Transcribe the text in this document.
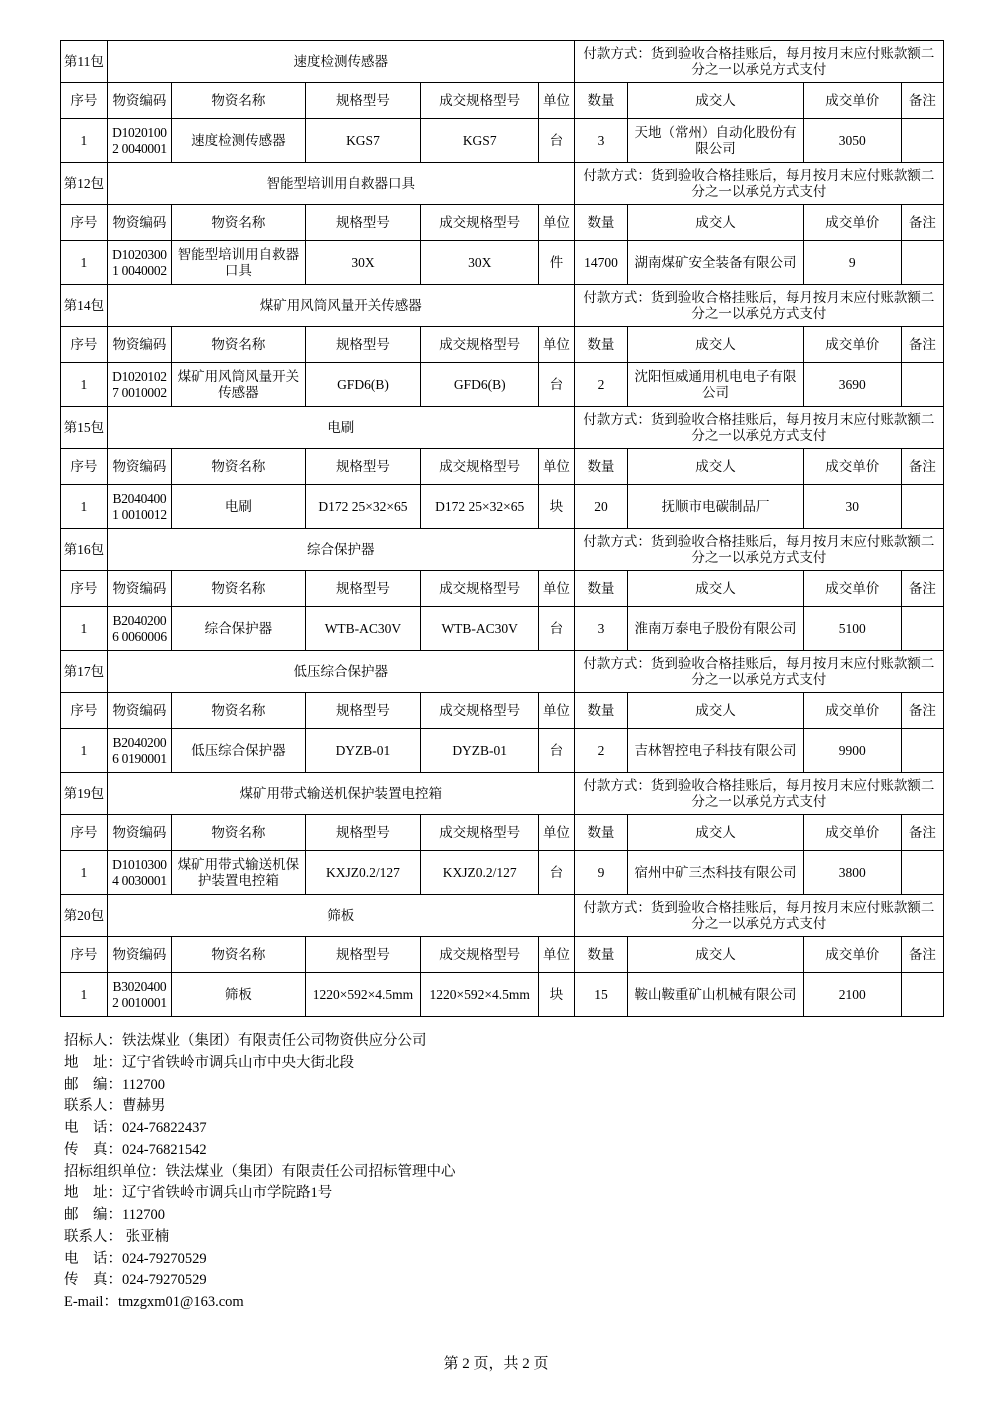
第11包	速度检测传感器					付款方式：货到验收合格挂账后，每月按月末应付账款额二分之一以承兑方式支付			
序号	物资编码	物资名称	规格型号	成交规格型号	单位	数量	成交人	成交单价	备注
1	D10201002 0040001	速度检测传感器	KGS7	KGS7	台	3	天地（常州）自动化股份有限公司	3050	
第12包	智能型培训用自救器口具					付款方式：货到验收合格挂账后，每月按月末应付账款额二分之一以承兑方式支付			
序号	物资编码	物资名称	规格型号	成交规格型号	单位	数量	成交人	成交单价	备注
1	D10203001 0040002	智能型培训用自救器口具	30X	30X	件	14700	湖南煤矿安全装备有限公司	9	
第14包	煤矿用风筒风量开关传感器					付款方式：货到验收合格挂账后，每月按月末应付账款额二分之一以承兑方式支付			
序号	物资编码	物资名称	规格型号	成交规格型号	单位	数量	成交人	成交单价	备注
1	D10201027 0010002	煤矿用风筒风量开关传感器	GFD6(B)	GFD6(B)	台	2	沈阳恒威通用机电电子有限公司	3690	
第15包	电刷					付款方式：货到验收合格挂账后，每月按月末应付账款额二分之一以承兑方式支付			
序号	物资编码	物资名称	规格型号	成交规格型号	单位	数量	成交人	成交单价	备注
1	B20404001 0010012	电刷	D172 25×32×65	D172 25×32×65	块	20	抚顺市电碳制品厂	30	
第16包	综合保护器					付款方式：货到验收合格挂账后，每月按月末应付账款额二分之一以承兑方式支付			
序号	物资编码	物资名称	规格型号	成交规格型号	单位	数量	成交人	成交单价	备注
1	B20402006 0060006	综合保护器	WTB-AC30V	WTB-AC30V	台	3	淮南万泰电子股份有限公司	5100	
第17包	低压综合保护器					付款方式：货到验收合格挂账后，每月按月末应付账款额二分之一以承兑方式支付			
序号	物资编码	物资名称	规格型号	成交规格型号	单位	数量	成交人	成交单价	备注
1	B20402006 0190001	低压综合保护器	DYZB-01	DYZB-01	台	2	吉林智控电子科技有限公司	9900	
第19包	煤矿用带式输送机保护装置电控箱					付款方式：货到验收合格挂账后，每月按月末应付账款额二分之一以承兑方式支付			
序号	物资编码	物资名称	规格型号	成交规格型号	单位	数量	成交人	成交单价	备注
1	D10103004 0030001	煤矿用带式输送机保护装置电控箱	KXJZ0.2/127	KXJZ0.2/127	台	9	宿州中矿三杰科技有限公司	3800	
第20包	筛板					付款方式：货到验收合格挂账后，每月按月末应付账款额二分之一以承兑方式支付			
序号	物资编码	物资名称	规格型号	成交规格型号	单位	数量	成交人	成交单价	备注
1	B30204002 0010001	筛板	1220×592×4.5mm	1220×592×4.5mm	块	15	鞍山鞍重矿山机械有限公司	2100	
招标人：铁法煤业（集团）有限责任公司物资供应分公司
地　址：辽宁省铁岭市调兵山市中央大街北段
邮　编：112700
联系人：曹赫男
电　话：024-76822437
传　真：024-76821542
招标组织单位：铁法煤业（集团）有限责任公司招标管理中心
地　址：辽宁省铁岭市调兵山市学院路1号
邮　编：112700
联系人： 张亚楠
电　话：024-79270529
传　真：024-79270529
E-mail：tmzgxm01@163.com
第 2 页，共 2 页
